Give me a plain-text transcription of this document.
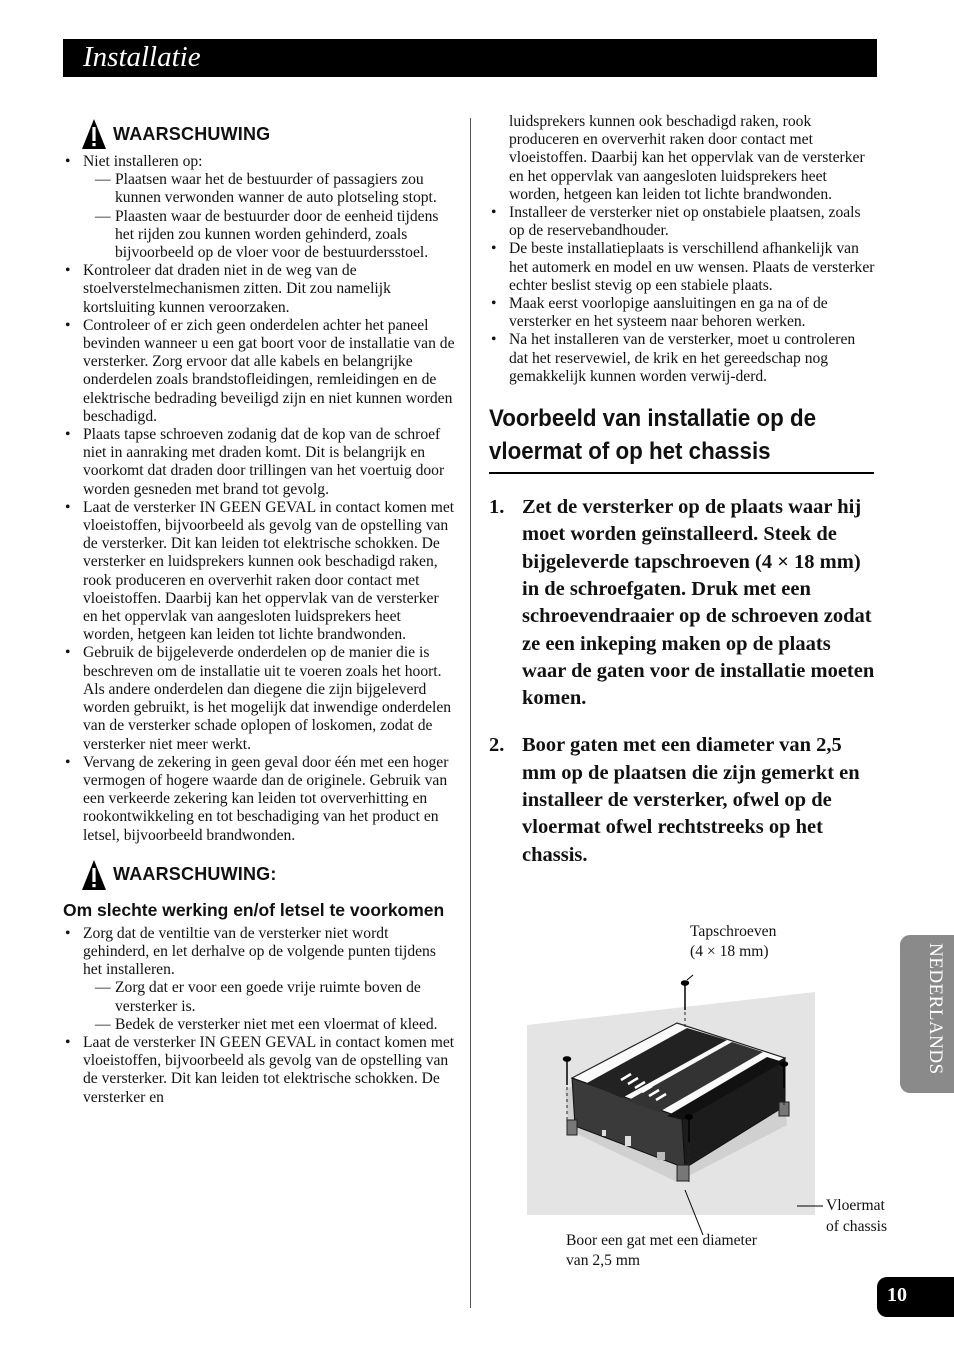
Installatie
WAARSCHUWING
• Niet installeren op:
— Plaatsen waar het de bestuurder of passagiers zou kunnen verwonden wanner de auto plotseling stopt.
— Plaasten waar de bestuurder door de eenheid tijdens het rijden zou kunnen worden gehinderd, zoals bijvoorbeeld op de vloer voor de bestuurdersstoel.
• Kontroleer dat draden niet in de weg van de stoelverstelmechanismen zitten. Dit zou namelijk kortsluiting kunnen veroorzaken.
• Controleer of er zich geen onderdelen achter het paneel bevinden wanneer u een gat boort voor de installatie van de versterker. Zorg ervoor dat alle kabels en belangrijke onderdelen zoals brandstofleidingen, remleidingen en de elektrische bedrading beveiligd zijn en niet kunnen worden beschadigd.
• Plaats tapse schroeven zodanig dat de kop van de schroef niet in aanraking met draden komt. Dit is belangrijk en voorkomt dat draden door trillingen van het voertuig door worden gesneden met brand tot gevolg.
• Laat de versterker IN GEEN GEVAL in contact komen met vloeistoffen, bijvoorbeeld als gevolg van de opstelling van de versterker. Dit kan leiden tot elektrische schokken. De versterker en luidsprekers kunnen ook beschadigd raken, rook produceren en oververhit raken door contact met vloeistoffen. Daarbij kan het oppervlak van de versterker en het oppervlak van aangesloten luidsprekers heet worden, hetgeen kan leiden tot lichte brandwonden.
• Gebruik de bijgeleverde onderdelen op de manier die is beschreven om de installatie uit te voeren zoals het hoort. Als andere onderdelen dan diegene die zijn bijgeleverd worden gebruikt, is het mogelijk dat inwendige onderdelen van de versterker schade oplopen of loskomen, zodat de versterker niet meer werkt.
• Vervang de zekering in geen geval door één met een hoger vermogen of hogere waarde dan de originele. Gebruik van een verkeerde zekering kan leiden tot oververhitting en rookontwikkeling en tot beschadiging van het product en letsel, bijvoorbeeld brandwonden.
WAARSCHUWING:
Om slechte werking en/of letsel te voorkomen
• Zorg dat de ventiltie van de versterker niet wordt gehinderd, en let derhalve op de volgende punten tijdens het installeren.
— Zorg dat er voor een goede vrije ruimte boven de versterker is.
— Bedek de versterker niet met een vloermat of kleed.
• Laat de versterker IN GEEN GEVAL in contact komen met vloeistoffen, bijvoorbeeld als gevolg van de opstelling van de versterker. Dit kan leiden tot elektrische schokken. De versterker en
luidsprekers kunnen ook beschadigd raken, rook produceren en oververhit raken door contact met vloeistoffen. Daarbij kan het oppervlak van de versterker en het oppervlak van aangesloten luidsprekers heet worden, hetgeen kan leiden tot lichte brandwonden.
• Installeer de versterker niet op onstabiele plaatsen, zoals op de reservebandhouder.
• De beste installatieplaats is verschillend afhankelijk van het automerk en model en uw wensen. Plaats de versterker echter beslist stevig op een stabiele plaats.
• Maak eerst voorlopige aansluitingen en ga na of de versterker en het systeem naar behoren werken.
• Na het installeren van de versterker, moet u controleren dat het reservewiel, de krik en het gereedschap nog gemakkelijk kunnen worden verwij-derd.
Voorbeeld van installatie op de vloermat of op het chassis
1. Zet de versterker op de plaats waar hij moet worden geïnstalleerd. Steek de bijgeleverde tapschroeven (4 × 18 mm) in de schroefgaten. Druk met een schroevendraaier op de schroeven zodat ze een inkeping maken op de plaats waar de gaten voor de installatie moeten komen.
2. Boor gaten met een diameter van 2,5 mm op de plaatsen die zijn gemerkt en installeer de versterker, ofwel op de vloermat ofwel rechtstreeks op het chassis.
Tapschroeven
(4 × 18 mm)
Vloermat
of chassis
Boor een gat met een diameter
van 2,5 mm
NEDERLANDS
10
